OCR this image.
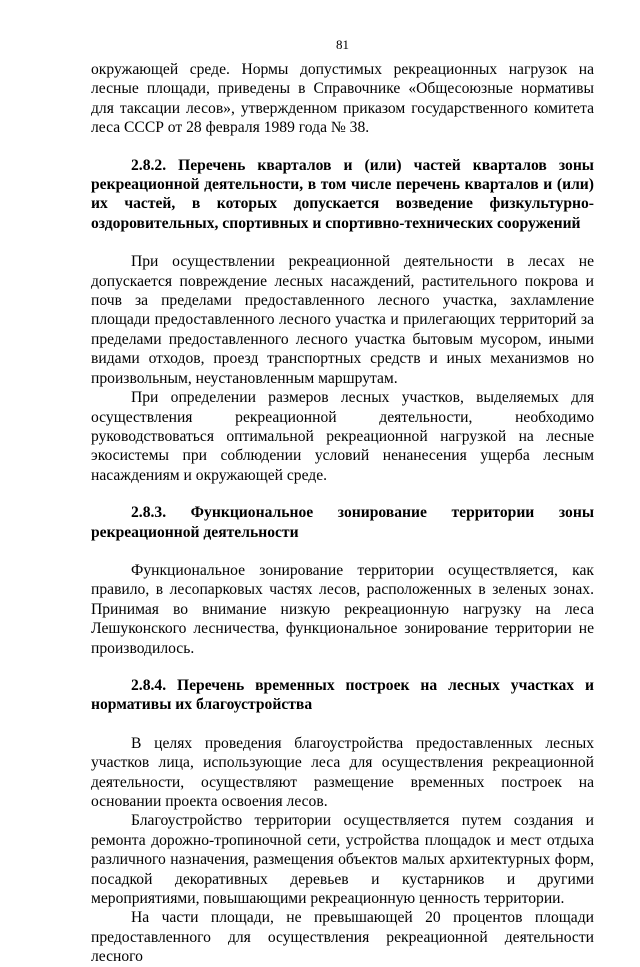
81

окружающей среде. Нормы допустимых рекреационных нагрузок на лесные площади, приведены в Справочнике «Общесоюзные нормативы для таксации лесов», утвержденном приказом государственного комитета леса СССР от 28 февраля 1989 года № 38.

2.8.2. Перечень кварталов и (или) частей кварталов зоны рекреационной деятельности, в том числе перечень кварталов и (или) их частей, в которых допускается возведение физкультурно-оздоровительных, спортивных и спортивно-технических сооружений

При осуществлении рекреационной деятельности в лесах не допускается повреждение лесных насаждений, растительного покрова и почв за пределами предоставленного лесного участка, захламление площади предоставленного лесного участка и прилегающих территорий за пределами предоставленного лесного участка бытовым мусором, иными видами отходов, проезд транспортных средств и иных механизмов но произвольным, неустановленным маршрутам.

При определении размеров лесных участков, выделяемых для осуществления рекреационной деятельности, необходимо руководствоваться оптимальной рекреационной нагрузкой на лесные экосистемы при соблюдении условий ненанесения ущерба лесным насаждениям и окружающей среде.

2.8.3. Функциональное зонирование территории зоны рекреационной деятельности

Функциональное зонирование территории осуществляется, как правило, в лесопарковых частях лесов, расположенных в зеленых зонах. Принимая во внимание низкую рекреационную нагрузку на леса Лешуконского лесничества, функциональное зонирование территории не производилось.

2.8.4. Перечень временных построек на лесных участках и нормативы их благоустройства

В целях проведения благоустройства предоставленных лесных участков лица, использующие леса для осуществления рекреационной деятельности, осуществляют размещение временных построек на основании проекта освоения лесов.

Благоустройство территории осуществляется путем создания и ремонта дорожно-тропиночной сети, устройства площадок и мест отдыха различного назначения, размещения объектов малых архитектурных форм, посадкой декоративных деревьев и кустарников и другими мероприятиями, повышающими рекреационную ценность территории.

На части площади, не превышающей 20 процентов площади предоставленного для осуществления рекреационной деятельности лесного
